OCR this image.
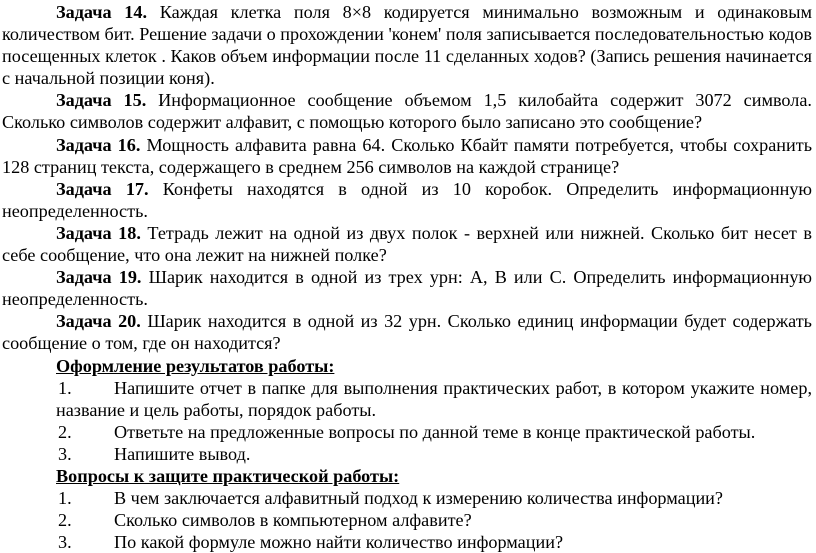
Задача 14. Каждая клетка поля 8×8 кодируется минимально возможным и одинаковым количеством бит. Решение задачи о прохождении 'конем' поля записывается последовательностью кодов посещенных клеток . Каков объем информации после 11 сделанных ходов? (Запись решения начинается с начальной позиции коня).

Задача 15. Информационное сообщение объемом 1,5 килобайта содержит 3072 символа. Сколько символов содержит алфавит, с помощью которого было записано это сообщение?

Задача 16. Мощность алфавита равна 64. Сколько Кбайт памяти потребуется, чтобы сохранить 128 страниц текста, содержащего в среднем 256 символов на каждой странице?

Задача 17. Конфеты находятся в одной из 10 коробок. Определить информационную неопределенность.

Задача 18. Тетрадь лежит на одной из двух полок - верхней или нижней. Сколько бит несет в себе сообщение, что она лежит на нижней полке?

Задача 19. Шарик находится в одной из трех урн: А, В или С. Определить информационную неопределенность.

Задача 20. Шарик находится в одной из 32 урн. Сколько единиц информации будет содержать сообщение о том, где он находится?

Оформление результатов работы:

1. Напишите отчет в папке для выполнения практических работ, в котором укажите номер, название и цель работы, порядок работы.

2. Ответьте на предложенные вопросы по данной теме в конце практической работы.

3. Напишите вывод.

Вопросы к защите практической работы:

1. В чем заключается алфавитный подход к измерению количества информации?

2. Сколько символов в компьютерном алфавите?

3. По какой формуле можно найти количество информации?
